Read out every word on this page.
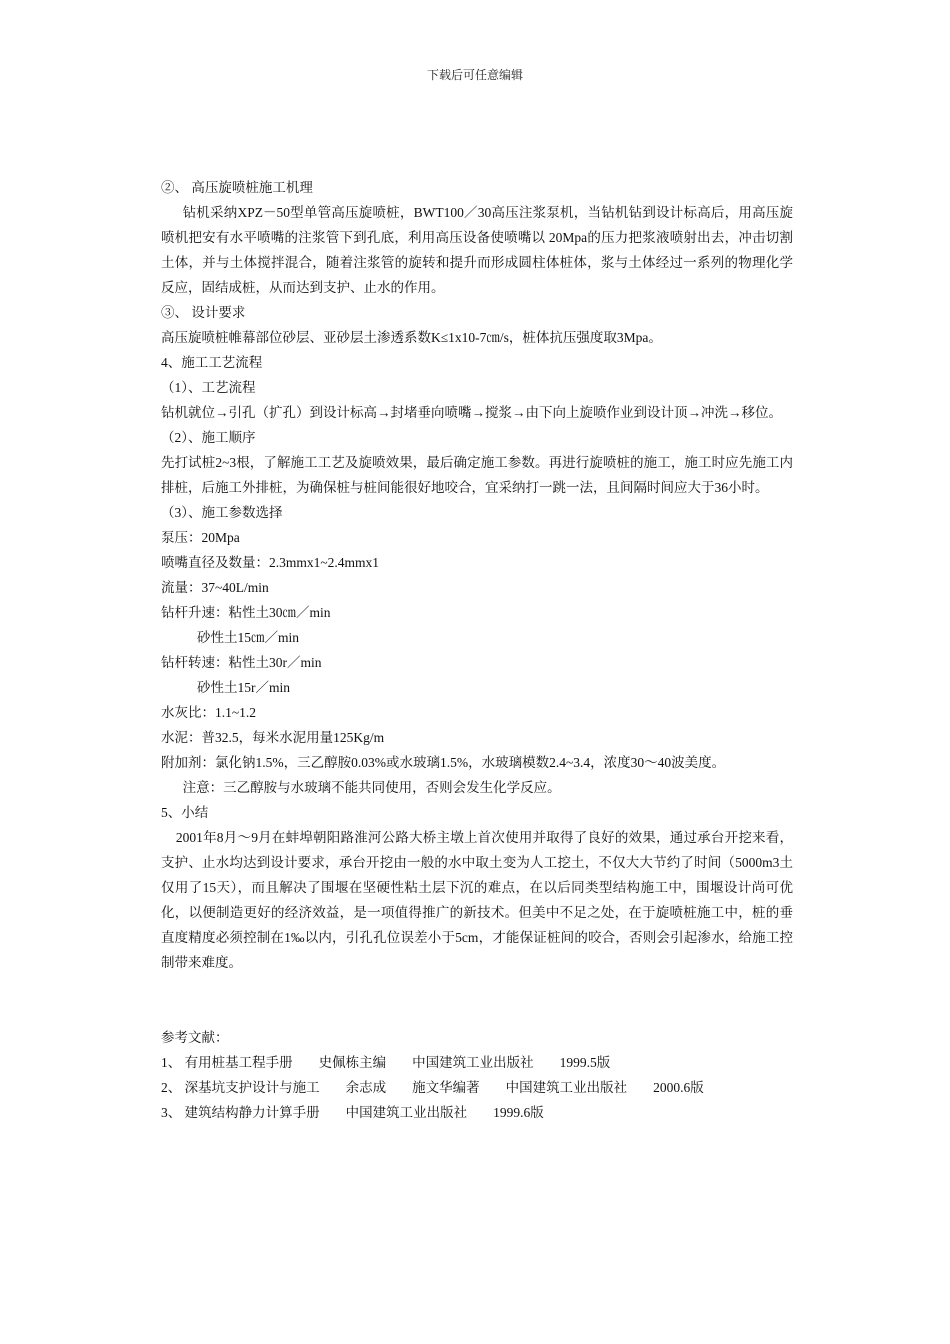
下载后可任意编辑

②、 高压旋喷桩施工机理

钻机采纳XPZ－50型单管高压旋喷桩，BWT100／30高压注浆泵机，当钻机钻到设计标高后，用高压旋喷机把安有水平喷嘴的注浆管下到孔底，利用高压设备使喷嘴以 20Mpa的压力把浆液喷射出去，冲击切割土体，并与土体搅拌混合，随着注浆管的旋转和提升而形成圆柱体桩体，浆与土体经过一系列的物理化学反应，固结成桩，从而达到支护、止水的作用。

③、 设计要求

高压旋喷桩帷幕部位砂层、亚砂层土渗透系数K≤1x10-7㎝/s，桩体抗压强度取3Mpa。

4、施工工艺流程

（1）、工艺流程

钻机就位→引孔（扩孔）到设计标高→封堵垂向喷嘴→搅浆→由下向上旋喷作业到设计顶→冲洗→移位。

（2）、施工顺序

先打试桩2~3根，了解施工工艺及旋喷效果，最后确定施工参数。再进行旋喷桩的施工，施工时应先施工内排桩，后施工外排桩，为确保桩与桩间能很好地咬合，宜采纳打一跳一法，且间隔时间应大于36小时。

（3）、施工参数选择

泵压：20Mpa

喷嘴直径及数量：2.3mmx1~2.4mmx1

流量：37~40L/min

钻杆升速：粘性土30㎝／min

砂性土15㎝／min

钻杆转速：粘性土30r／min

砂性土15r／min

水灰比：1.1~1.2

水泥：普32.5，每米水泥用量125Kg/m

附加剂：氯化钠1.5%，三乙醇胺0.03%或水玻璃1.5%，水玻璃模数2.4~3.4，浓度30～40波美度。

注意：三乙醇胺与水玻璃不能共同使用，否则会发生化学反应。

5、小结

2001年8月～9月在蚌埠朝阳路淮河公路大桥主墩上首次使用并取得了良好的效果，通过承台开挖来看，支护、止水均达到设计要求，承台开挖由一般的水中取土变为人工挖土，不仅大大节约了时间（5000m3土仅用了15天），而且解决了围堰在坚硬性粘土层下沉的难点，在以后同类型结构施工中，围堰设计尚可优化，以便制造更好的经济效益，是一项值得推广的新技术。但美中不足之处，在于旋喷桩施工中，桩的垂直度精度必须控制在1‰以内，引孔孔位误差小于5cm，才能保证桩间的咬合，否则会引起渗水，给施工控制带来难度。

参考文献：

1、 有用桩基工程手册 史佩栋主编 中国建筑工业出版社 1999.5版

2、 深基坑支护设计与施工 余志成 施文华编著 中国建筑工业出版社 2000.6版

3、 建筑结构静力计算手册 中国建筑工业出版社 1999.6版
